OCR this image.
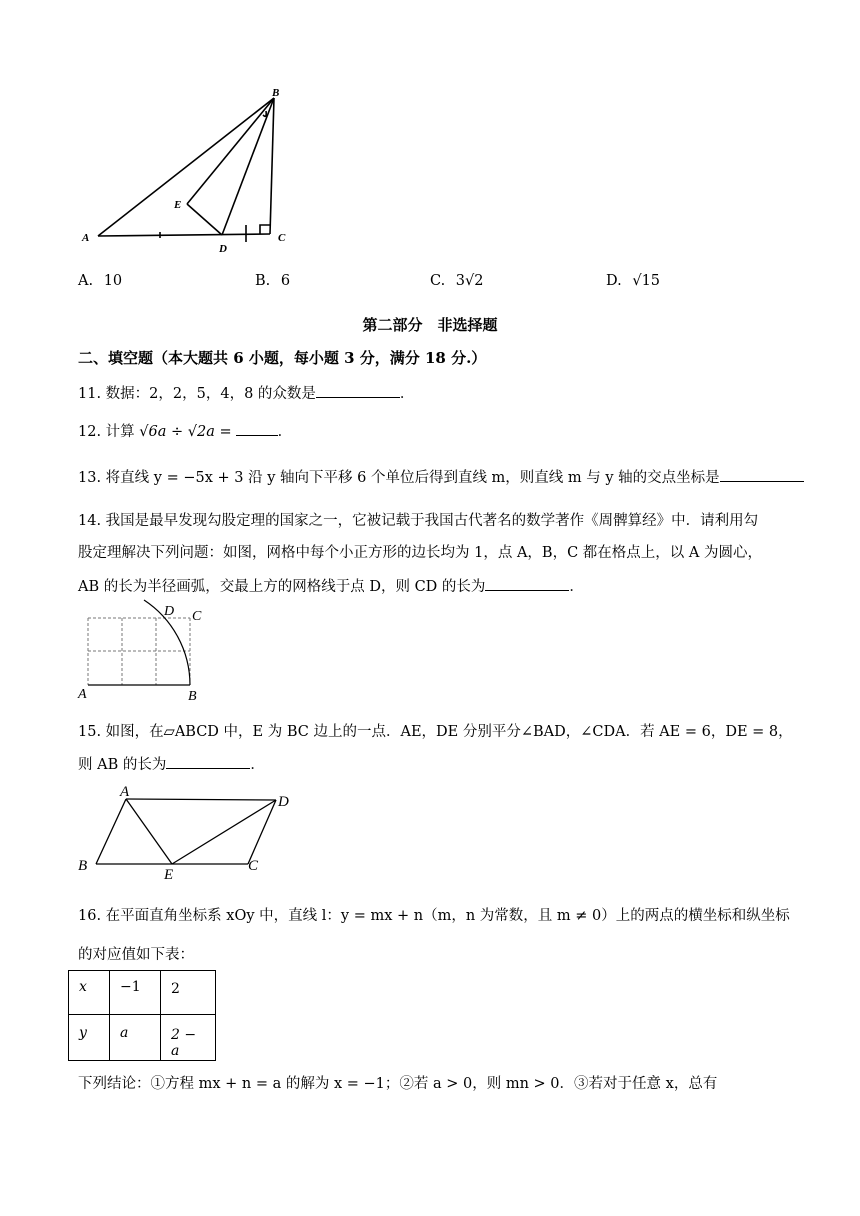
B
E
A
D
C
A. 10	B. 6	C. 3√2	D. √15
第二部分　非选择题
二、填空题（本大题共 6 小题，每小题 3 分，满分 18 分.）
11. 数据：2，2，5，4，8 的众数是	．
12. 计算 √6a ÷ √2a =	．
13. 将直线 y = −5x + 3 沿 y 轴向下平移 6 个单位后得到直线 m，则直线 m 与 y 轴的交点坐标是
14. 我国是最早发现勾股定理的国家之一，它被记载于我国古代著名的数学著作《周髀算经》中．请利用勾
股定理解决下列问题：如图，网格中每个小正方形的边长均为 1，点 A，B，C 都在格点上，以 A 为圆心，
AB 的长为半径画弧，交最上方的网格线于点 D，则 CD 的长为	．
D C
A	B
15. 如图，在▱ABCD 中，E 为 BC 边上的一点．AE，DE 分别平分∠BAD，∠CDA．若 AE = 6，DE = 8，
则 AB 的长为	．
A
D
B
E
C
16. 在平面直角坐标系 xOy 中，直线 l：y = mx + n（m，n 为常数，且 m ≠ 0）上的两点的横坐标和纵坐标
的对应值如下表：
x	−1	2
y	a	2 − a
下列结论：①方程 mx + n = a 的解为 x = −1；②若 a > 0，则 mn > 0．③若对于任意 x，总有
